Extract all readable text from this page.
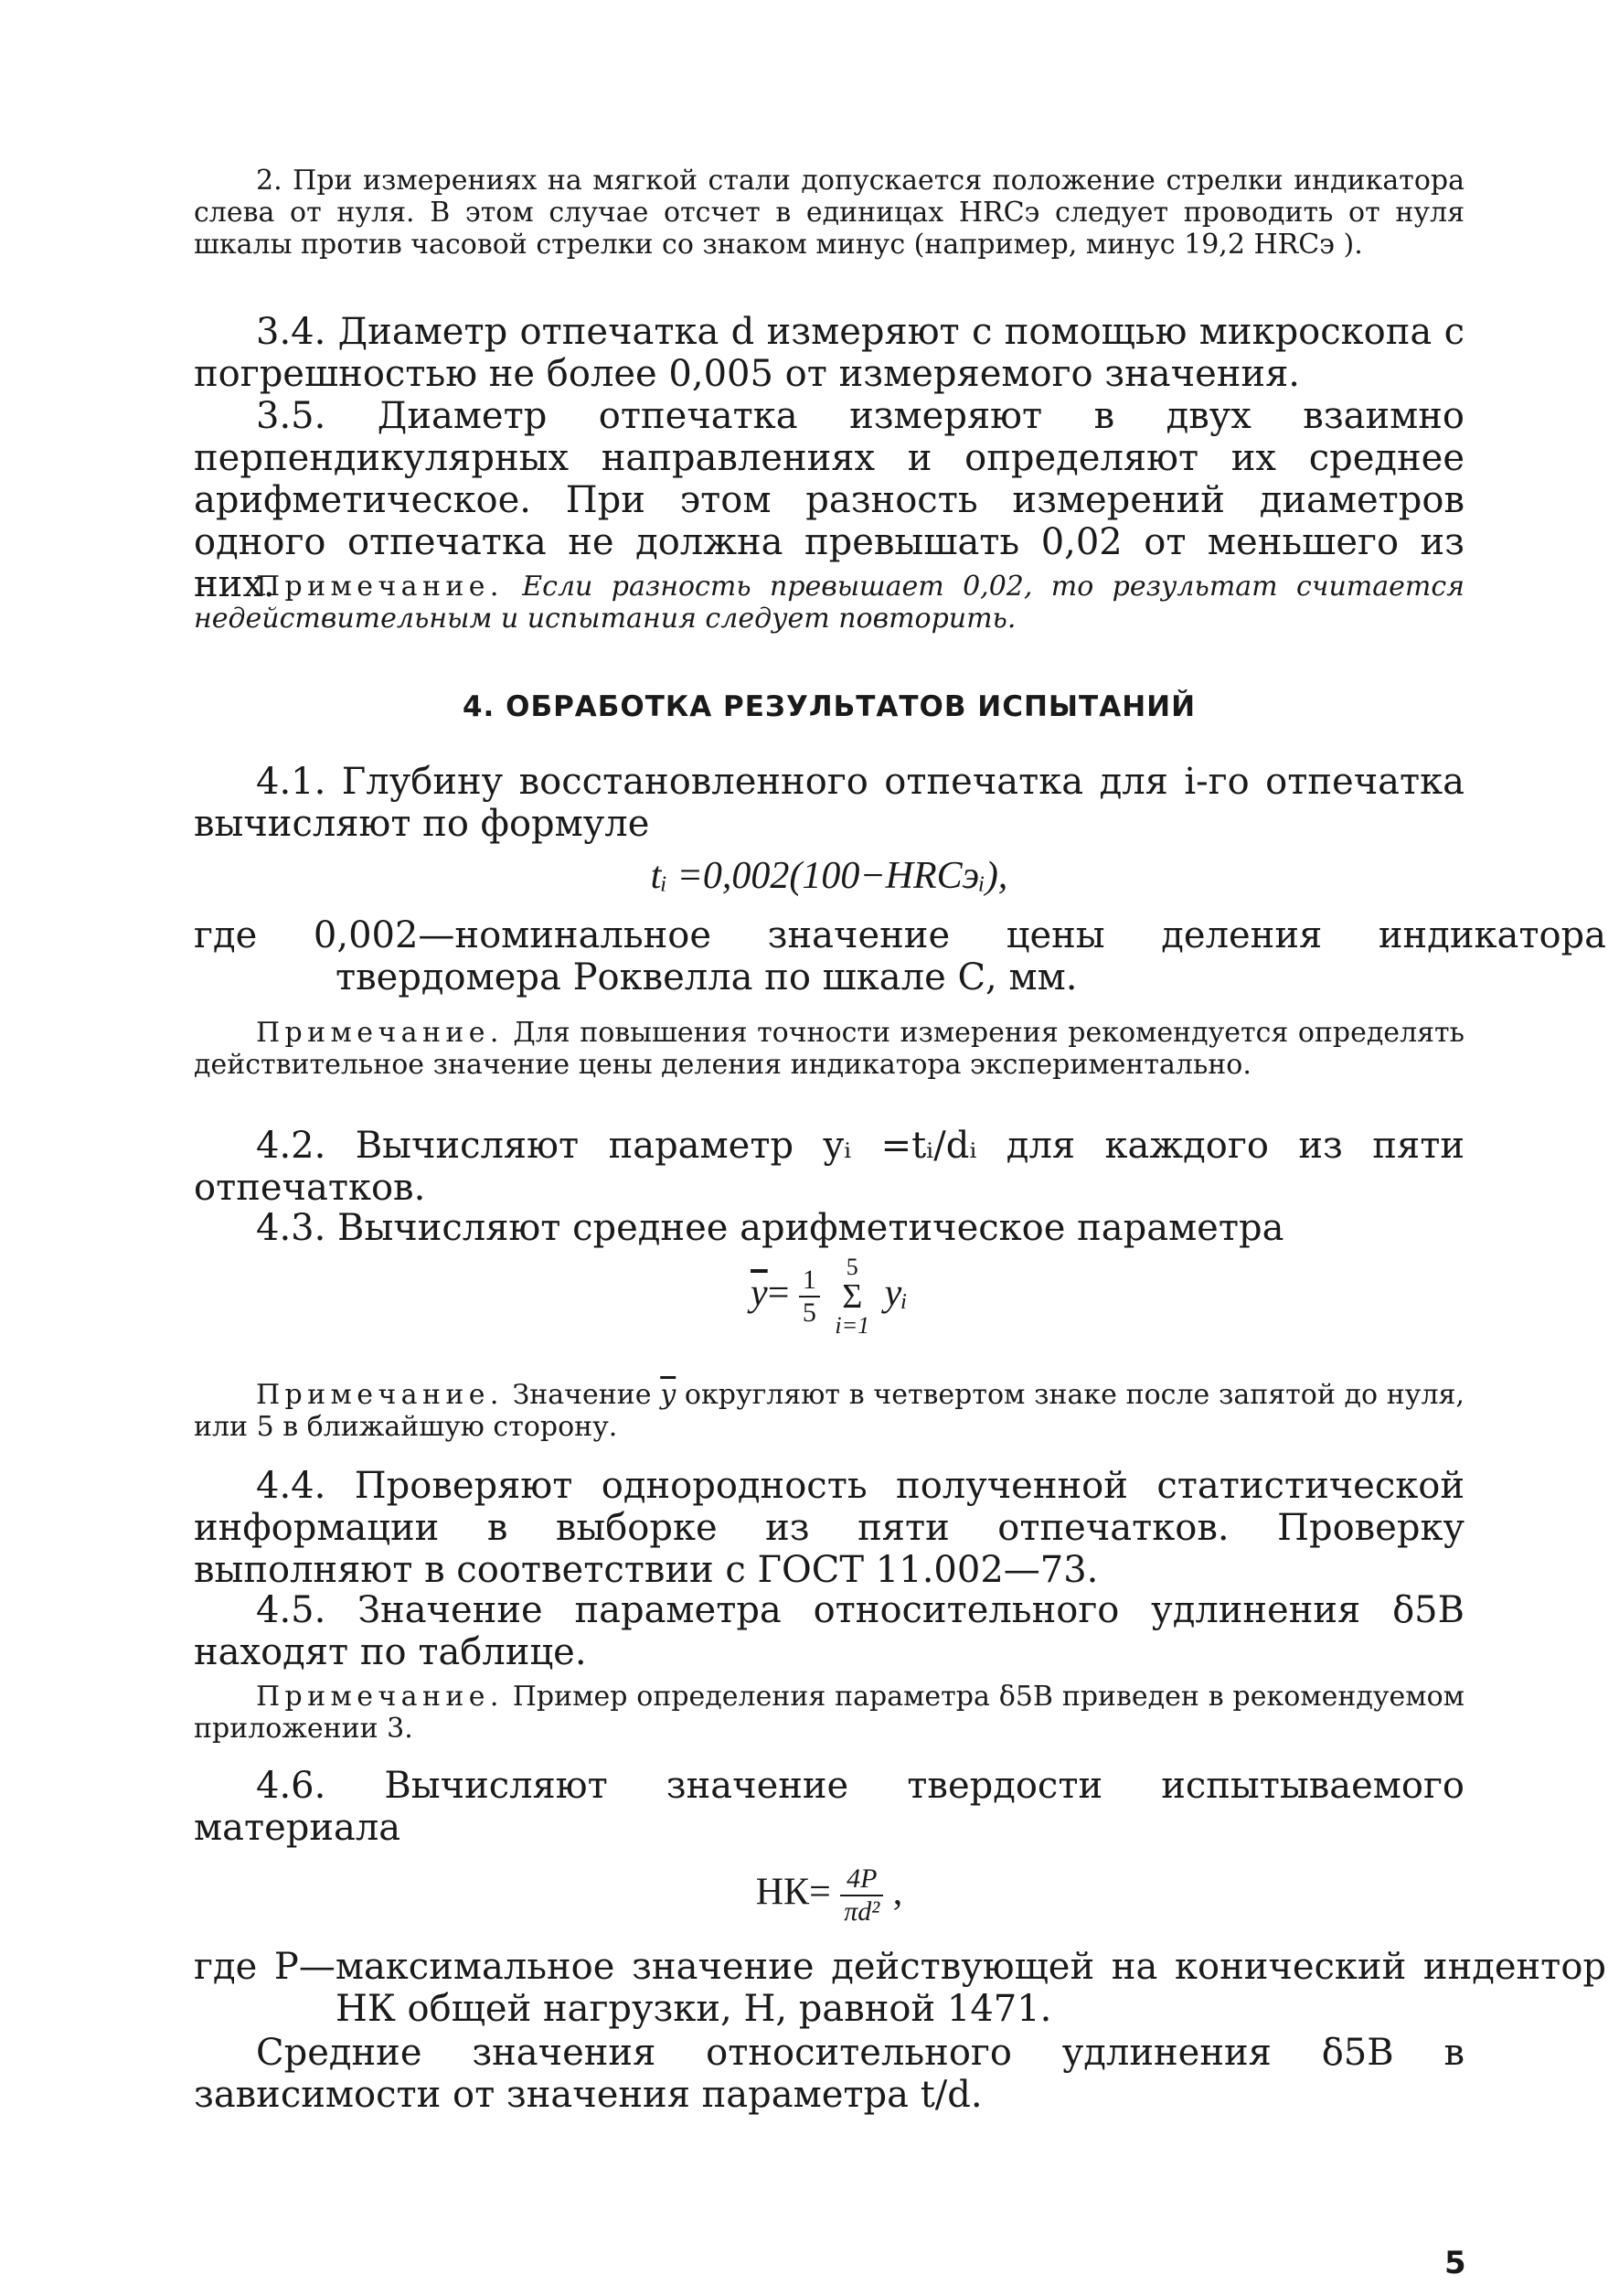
2. При измерениях на мягкой стали допускается положение стрелки индикатора слева от нуля. В этом случае отсчет в единицах HRCэ следует проводить от нуля шкалы против часовой стрелки со знаком минус (например, минус 19,2 HRCэ ).
3.4. Диаметр отпечатка d измеряют с помощью микроскопа с погрешностью не более 0,005 от измеряемого значения.
3.5. Диаметр отпечатка измеряют в двух взаимно перпендикулярных направлениях и определяют их среднее арифметическое. При этом разность измерений диаметров одного отпечатка не должна превышать 0,02 от меньшего из них.
Примечание. Если разность превышает 0,02, то результат считается недействительным и испытания следует повторить.
4. ОБРАБОТКА РЕЗУЛЬТАТОВ ИСПЫТАНИЙ
4.1. Глубину восстановленного отпечатка для i-го отпечатка вычисляют по формуле
tᵢ =0,002(100−HRCэᵢ),
где 0,002—номинальное значение цены деления индикатора твердомера Роквелла по шкале С, мм.
Примечание. Для повышения точности измерения рекомендуется определять действительное значение цены деления индикатора экспериментально.
4.2. Вычисляют параметр yᵢ =tᵢ/dᵢ для каждого из пяти отпечатков.
4.3. Вычисляют среднее арифметическое параметра
$\overline{y}= \frac{1}{5} 5$
Σ
i=1 yᵢ
Примечание. Значение $\overline{y}$ округляют в четвертом знаке после запятой до нуля, или 5 в ближайшую сторону.
4.4. Проверяют однородность полученной статистической информации в выборке из пяти отпечатков. Проверку выполняют в соответствии с ГОСТ 11.002—73.
4.5. Значение параметра относительного удлинения δ5В находят по таблице.
Примечание. Пример определения параметра δ5В приведен в рекомендуемом приложении 3.
4.6. Вычисляют значение твердости испытываемого материала
$НК= \frac{4P}{\text{πd²}}$ ,
где P—максимальное значение действующей на конический индентор НК общей нагрузки, Н, равной 1471.
Средние значения относительного удлинения δ5В в зависимости от значения параметра t/d.
5
